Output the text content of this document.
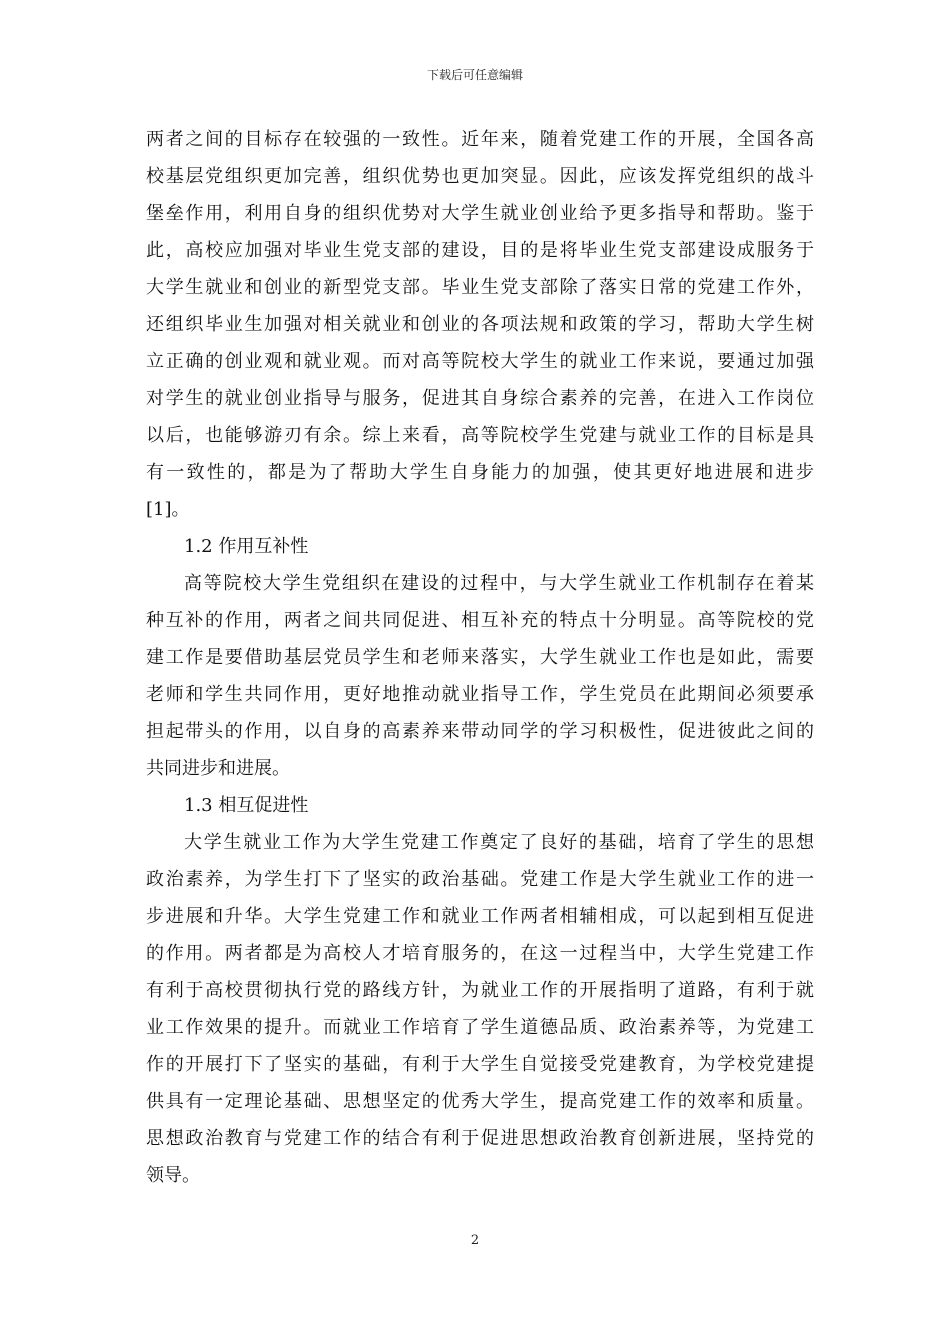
下载后可任意编辑
两者之间的目标存在较强的一致性。近年来，随着党建工作的开展，全国各高
校基层党组织更加完善，组织优势也更加突显。因此，应该发挥党组织的战斗
堡垒作用，利用自身的组织优势对大学生就业创业给予更多指导和帮助。鉴于
此，高校应加强对毕业生党支部的建设，目的是将毕业生党支部建设成服务于
大学生就业和创业的新型党支部。毕业生党支部除了落实日常的党建工作外，
还组织毕业生加强对相关就业和创业的各项法规和政策的学习，帮助大学生树
立正确的创业观和就业观。而对高等院校大学生的就业工作来说，要通过加强
对学生的就业创业指导与服务，促进其自身综合素养的完善，在进入工作岗位
以后，也能够游刃有余。综上来看，高等院校学生党建与就业工作的目标是具
有一致性的，都是为了帮助大学生自身能力的加强，使其更好地进展和进步
[1]。
1.2 作用互补性
高等院校大学生党组织在建设的过程中，与大学生就业工作机制存在着某
种互补的作用，两者之间共同促进、相互补充的特点十分明显。高等院校的党
建工作是要借助基层党员学生和老师来落实，大学生就业工作也是如此，需要
老师和学生共同作用，更好地推动就业指导工作，学生党员在此期间必须要承
担起带头的作用，以自身的高素养来带动同学的学习积极性，促进彼此之间的
共同进步和进展。
1.3 相互促进性
大学生就业工作为大学生党建工作奠定了良好的基础，培育了学生的思想
政治素养，为学生打下了坚实的政治基础。党建工作是大学生就业工作的进一
步进展和升华。大学生党建工作和就业工作两者相辅相成，可以起到相互促进
的作用。两者都是为高校人才培育服务的，在这一过程当中，大学生党建工作
有利于高校贯彻执行党的路线方针，为就业工作的开展指明了道路，有利于就
业工作效果的提升。而就业工作培育了学生道德品质、政治素养等，为党建工
作的开展打下了坚实的基础，有利于大学生自觉接受党建教育，为学校党建提
供具有一定理论基础、思想坚定的优秀大学生，提高党建工作的效率和质量。
思想政治教育与党建工作的结合有利于促进思想政治教育创新进展，坚持党的
领导。
2
